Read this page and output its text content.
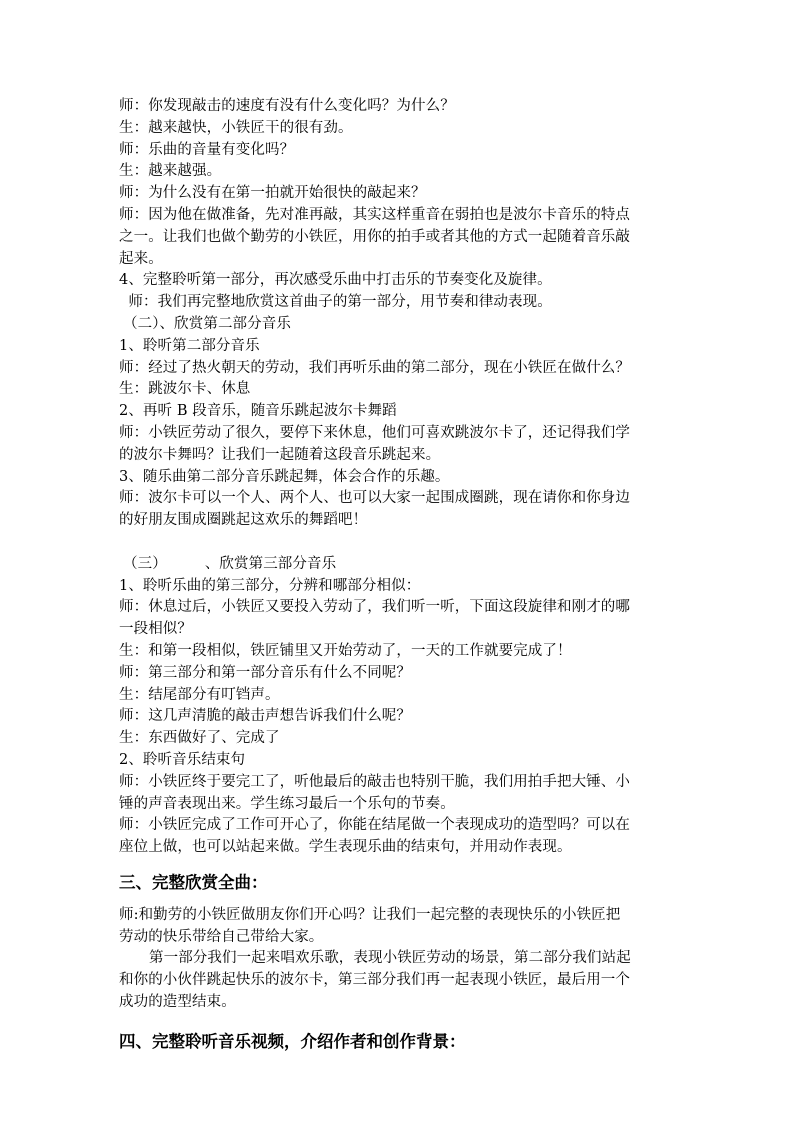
师：你发现敲击的速度有没有什么变化吗？为什么？
生：越来越快，小铁匠干的很有劲。
师：乐曲的音量有变化吗？
生：越来越强。
师：为什么没有在第一拍就开始很快的敲起来？
师：因为他在做准备，先对准再敲，其实这样重音在弱拍也是波尔卡音乐的特点
之一。让我们也做个勤劳的小铁匠，用你的拍手或者其他的方式一起随着音乐敲
起来。
4、完整聆听第一部分，再次感受乐曲中打击乐的节奏变化及旋律。
师：我们再完整地欣赏这首曲子的第一部分，用节奏和律动表现。
（二）、欣赏第二部分音乐
1、聆听第二部分音乐
师：经过了热火朝天的劳动，我们再听乐曲的第二部分，现在小铁匠在做什么？
生：跳波尔卡、休息
2、再听 B 段音乐，随音乐跳起波尔卡舞蹈
师：小铁匠劳动了很久，要停下来休息，他们可喜欢跳波尔卡了，还记得我们学
的波尔卡舞吗？让我们一起随着这段音乐跳起来。
3、随乐曲第二部分音乐跳起舞，体会合作的乐趣。
师：波尔卡可以一个人、两个人、也可以大家一起围成圈跳，现在请你和你身边
的好朋友围成圈跳起这欢乐的舞蹈吧！
（三）	、欣赏第三部分音乐
1、聆听乐曲的第三部分，分辨和哪部分相似：
师：休息过后，小铁匠又要投入劳动了，我们听一听，下面这段旋律和刚才的哪
一段相似？
生：和第一段相似，铁匠铺里又开始劳动了，一天的工作就要完成了！
师：第三部分和第一部分音乐有什么不同呢？
生：结尾部分有叮铛声。
师：这几声清脆的敲击声想告诉我们什么呢？
生：东西做好了、完成了
2、聆听音乐结束句
师：小铁匠终于要完工了，听他最后的敲击也特别干脆，我们用拍手把大锤、小
锤的声音表现出来。学生练习最后一个乐句的节奏。
师：小铁匠完成了工作可开心了，你能在结尾做一个表现成功的造型吗？可以在
座位上做，也可以站起来做。学生表现乐曲的结束句，并用动作表现。
三、完整欣赏全曲：
师:和勤劳的小铁匠做朋友你们开心吗？让我们一起完整的表现快乐的小铁匠把
劳动的快乐带给自己带给大家。
第一部分我们一起来唱欢乐歌，表现小铁匠劳动的场景，第二部分我们站起
和你的小伙伴跳起快乐的波尔卡，第三部分我们再一起表现小铁匠，最后用一个
成功的造型结束。
四、完整聆听音乐视频，介绍作者和创作背景：
